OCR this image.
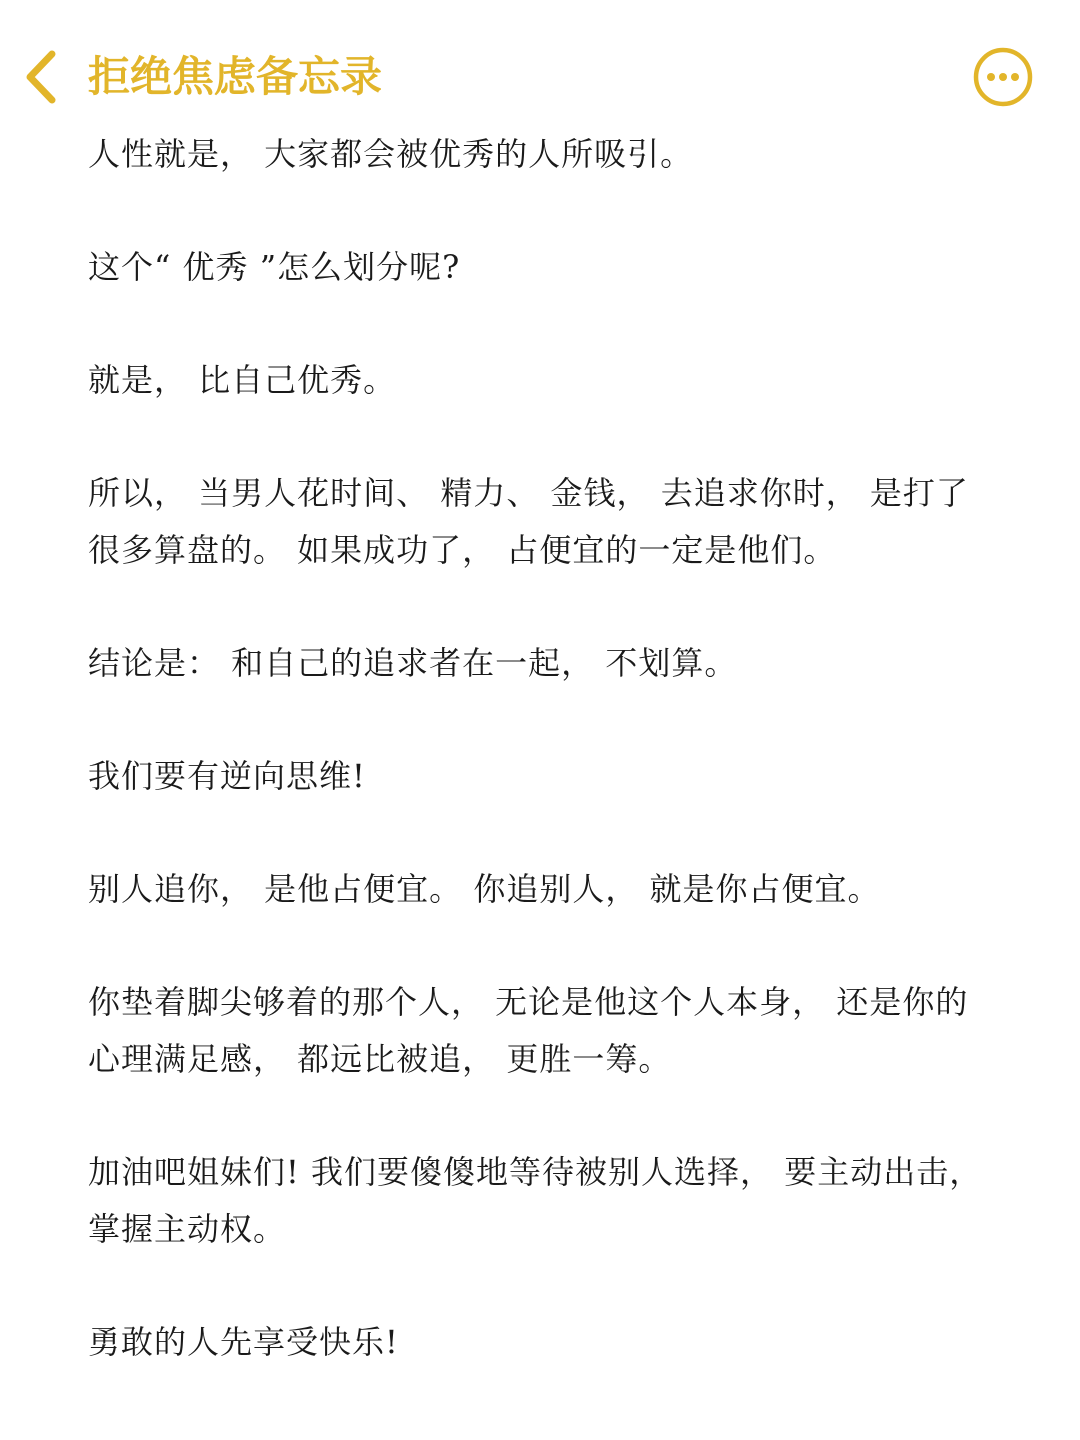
拒绝焦虑备忘录

人性就是， 大家都会被优秀的人所吸引。

这个“ 优秀 ”怎么划分呢?

就是， 比自己优秀。

所以， 当男人花时间、 精力、 金钱， 去追求你时， 是打了很多算盘的。 如果成功了， 占便宜的一定是他们。

结论是： 和自己的追求者在一起， 不划算。

我们要有逆向思维!

别人追你， 是他占便宜。 你追别人， 就是你占便宜。

你垫着脚尖够着的那个人， 无论是他这个人本身， 还是你的心理满足感， 都远比被追， 更胜一筹。

加油吧姐妹们! 我们要傻傻地等待被别人选择， 要主动出击，掌握主动权。

勇敢的人先享受快乐!
